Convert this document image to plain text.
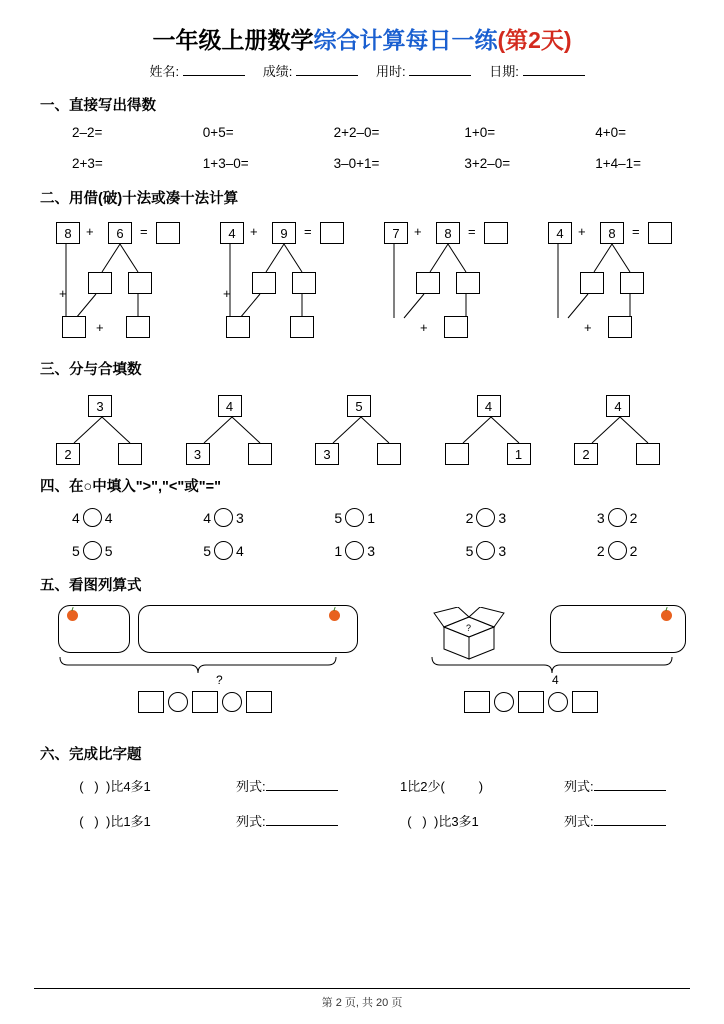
一年级上册数学综合计算每日一练(第2天)
姓名:	成绩:	用时:	日期:
一、直接写出得数
2–2=	0+5=	2+2–0=	1+0=	4+0=
2+3=	1+3–0=	3–0+1=	3+2–0=	1+4–1=
二、用借(破)十法或凑十法计算
8	+	6	=
+
+
4	+	9	=
+
7	+	8	=
+
4	+	8	=
+
三、分与合填数
3
2
4
3
5
3
4
1
4
2
四、在○中填入">","<"或"="
4 4	4 3	5 1	2 3	3 2
5 5	5 4	1 3	5 3	2 2
五、看图列算式
?
?
4
六、完成比字题
(   ) )比4多1	列式:	1比2少(	)	列式:
(   ) )比1多1	列式:	(   ) )比3多1	列式:
第 2 页, 共 20 页
